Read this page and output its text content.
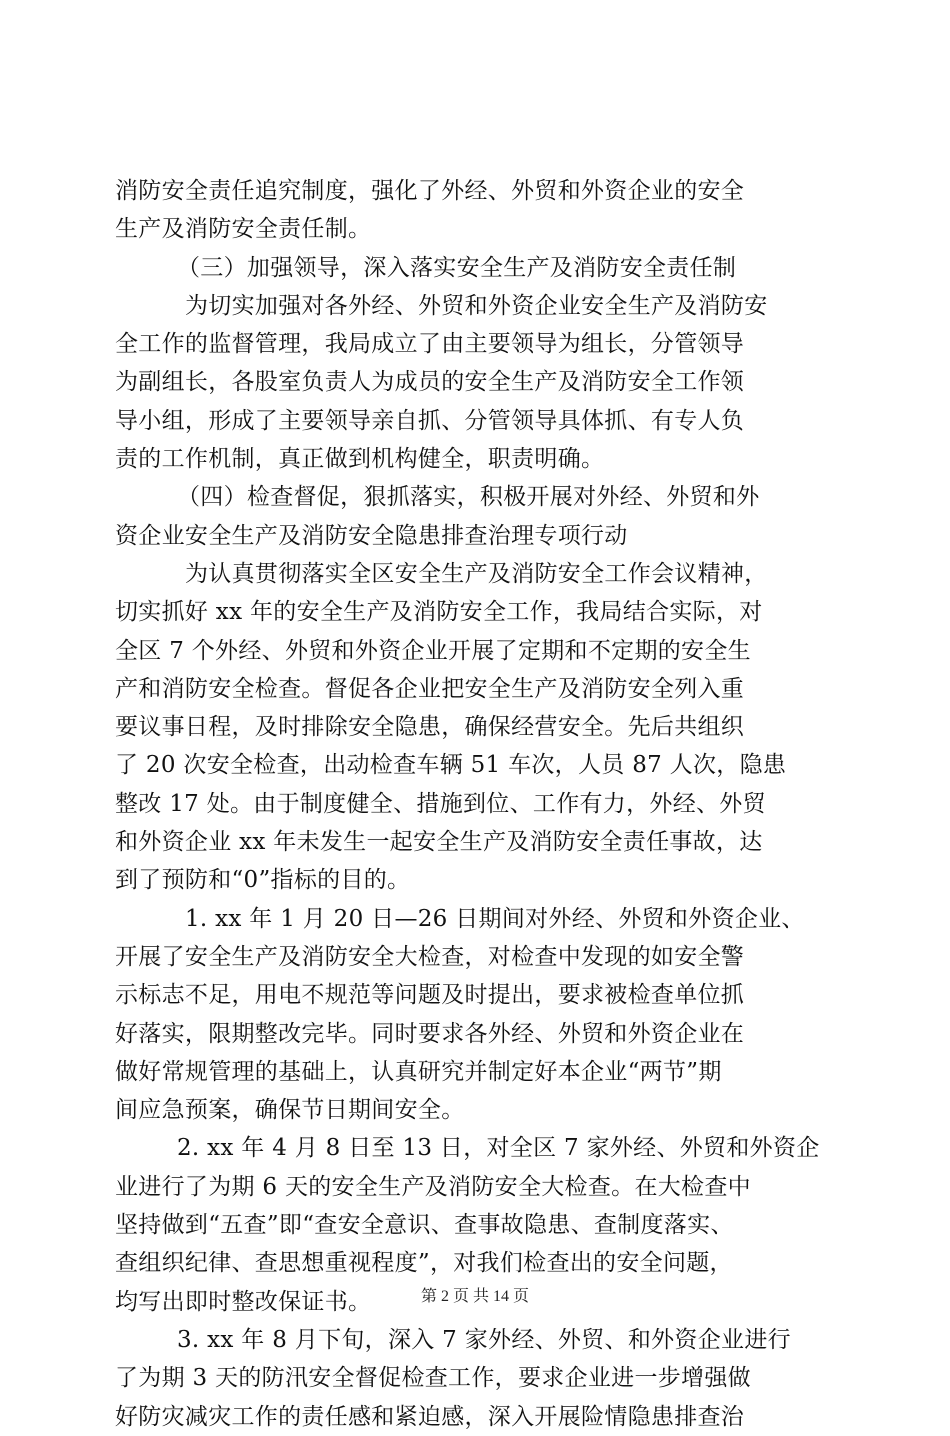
消防安全责任追究制度，强化了外经、外贸和外资企业的安全
生产及消防安全责任制。
（三）加强领导，深入落实安全生产及消防安全责任制
为切实加强对各外经、外贸和外资企业安全生产及消防安
全工作的监督管理，我局成立了由主要领导为组长，分管领导
为副组长，各股室负责人为成员的安全生产及消防安全工作领
导小组，形成了主要领导亲自抓、分管领导具体抓、有专人负
责的工作机制，真正做到机构健全，职责明确。
（四）检查督促，狠抓落实，积极开展对外经、外贸和外
资企业安全生产及消防安全隐患排查治理专项行动
为认真贯彻落实全区安全生产及消防安全工作会议精神，
切实抓好 xx 年的安全生产及消防安全工作，我局结合实际，对
全区 7 个外经、外贸和外资企业开展了定期和不定期的安全生
产和消防安全检查。督促各企业把安全生产及消防安全列入重
要议事日程，及时排除安全隐患，确保经营安全。先后共组织
了 20 次安全检查，出动检查车辆 51 车次，人员 87 人次，隐患
整改 17 处。由于制度健全、措施到位、工作有力，外经、外贸
和外资企业 xx 年未发生一起安全生产及消防安全责任事故，达
到了预防和“0”指标的目的。
1. xx 年 1 月 20 日—26 日期间对外经、外贸和外资企业、
开展了安全生产及消防安全大检查，对检查中发现的如安全警
示标志不足，用电不规范等问题及时提出，要求被检查单位抓
好落实，限期整改完毕。同时要求各外经、外贸和外资企业在
做好常规管理的基础上，认真研究并制定好本企业“两节”期
间应急预案，确保节日期间安全。
2. xx 年 4 月 8 日至 13 日，对全区 7 家外经、外贸和外资企
业进行了为期 6 天的安全生产及消防安全大检查。在大检查中
坚持做到“五查”即“查安全意识、查事故隐患、查制度落实、
查组织纪律、查思想重视程度”，对我们检查出的安全问题，
均写出即时整改保证书。
3. xx 年 8 月下旬，深入 7 家外经、外贸、和外资企业进行
了为期 3 天的防汛安全督促检查工作，要求企业进一步增强做
好防灾减灾工作的责任感和紧迫感，深入开展险情隐患排查治
第 2 页 共 14 页
